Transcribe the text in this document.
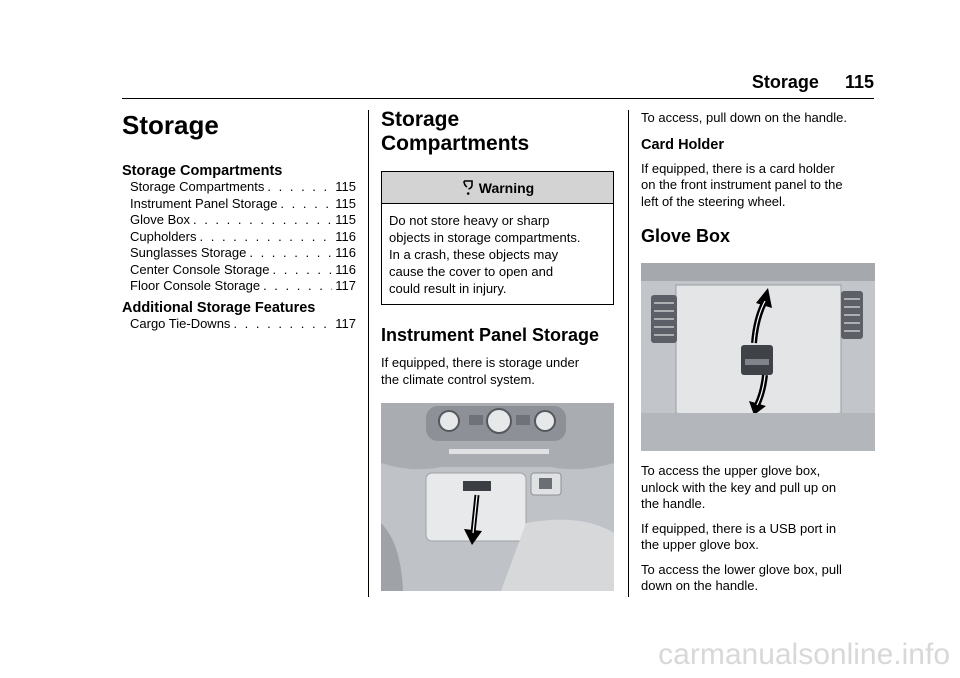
Storage 115
Storage
Storage Compartments
Storage Compartments . . .	115
Instrument Panel Storage . . .	115
Glove Box . . .	115
Cupholders . . .	116
Sunglasses Storage . . .	116
Center Console Storage . . .	116
Floor Console Storage . . .	117
Additional Storage Features
Cargo Tie-Downs . . .	117
Storage
Compartments
Warning
Do not store heavy or sharp
objects in storage compartments.
In a crash, these objects may
cause the cover to open and
could result in injury.
Instrument Panel Storage

If equipped, there is storage under
the climate control system.

To access, pull down on the handle.

Card Holder

If equipped, there is a card holder
on the front instrument panel to the
left of the steering wheel.

Glove Box

To access the upper glove box,
unlock with the key and pull up on
the handle.

If equipped, there is a USB port in
the upper glove box.

To access the lower glove box, pull
down on the handle.

carmanualsonline.info
